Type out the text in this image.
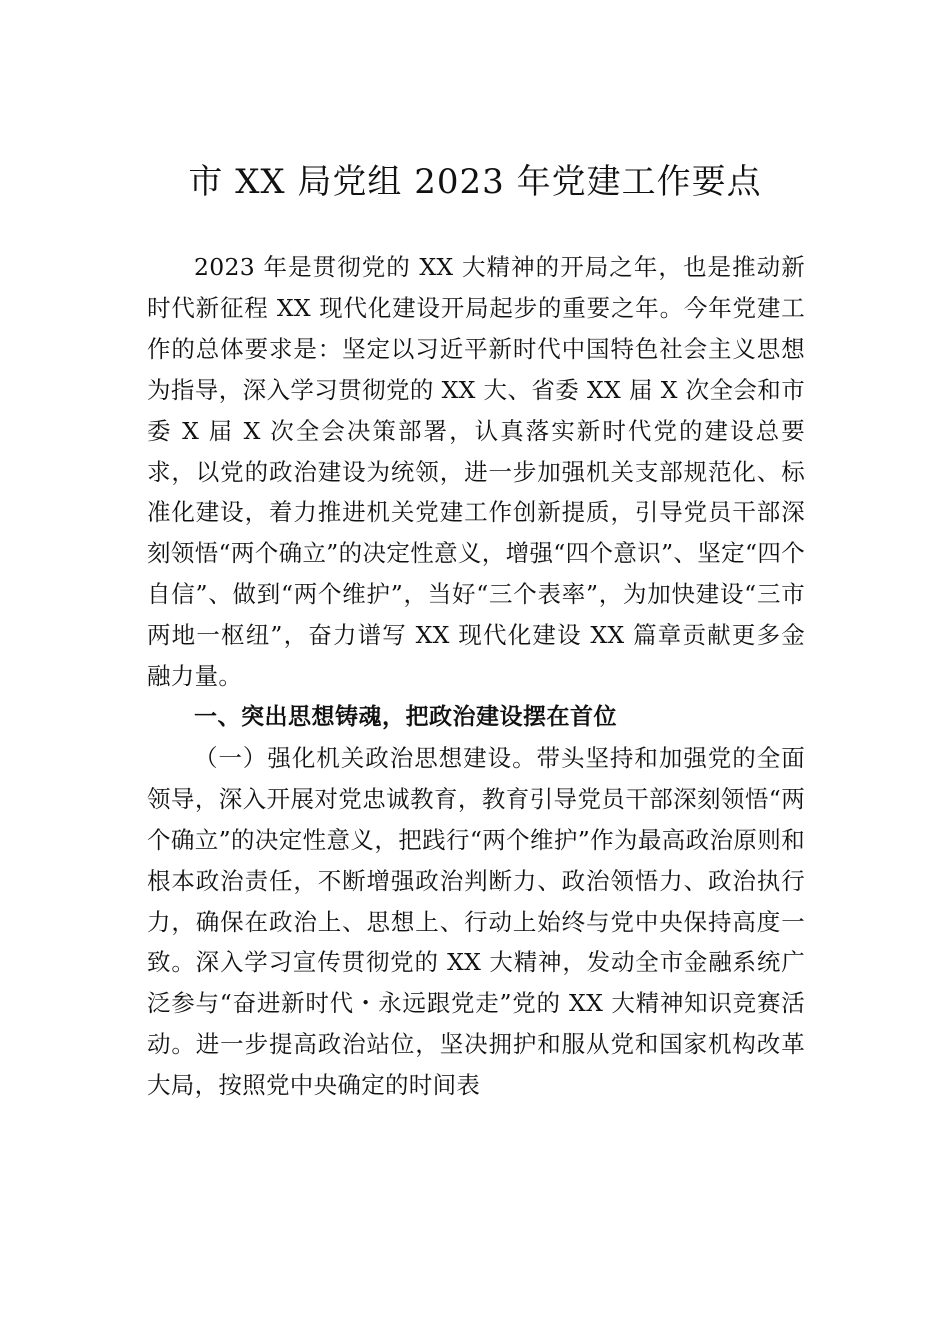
市 XX 局党组 2023 年党建工作要点

2023 年是贯彻党的 XX 大精神的开局之年，也是推动新时代新征程 XX 现代化建设开局起步的重要之年。今年党建工作的总体要求是：坚定以习近平新时代中国特色社会主义思想为指导，深入学习贯彻党的 XX 大、省委 XX 届 X 次全会和市委 X 届 X 次全会决策部署，认真落实新时代党的建设总要求，以党的政治建设为统领，进一步加强机关支部规范化、标准化建设，着力推进机关党建工作创新提质，引导党员干部深刻领悟“两个确立”的决定性意义，增强“四个意识”、坚定“四个自信”、做到“两个维护”，当好“三个表率”，为加快建设“三市两地一枢纽”，奋力谱写 XX 现代化建设 XX 篇章贡献更多金融力量。

一、突出思想铸魂，把政治建设摆在首位

（一）强化机关政治思想建设。带头坚持和加强党的全面领导，深入开展对党忠诚教育，教育引导党员干部深刻领悟“两个确立”的决定性意义，把践行“两个维护”作为最高政治原则和根本政治责任，不断增强政治判断力、政治领悟力、政治执行力，确保在政治上、思想上、行动上始终与党中央保持高度一致。深入学习宣传贯彻党的 XX 大精神，发动全市金融系统广泛参与“奋进新时代・永远跟党走”党的 XX 大精神知识竞赛活动。进一步提高政治站位，坚决拥护和服从党和国家机构改革大局，按照党中央确定的时间表
